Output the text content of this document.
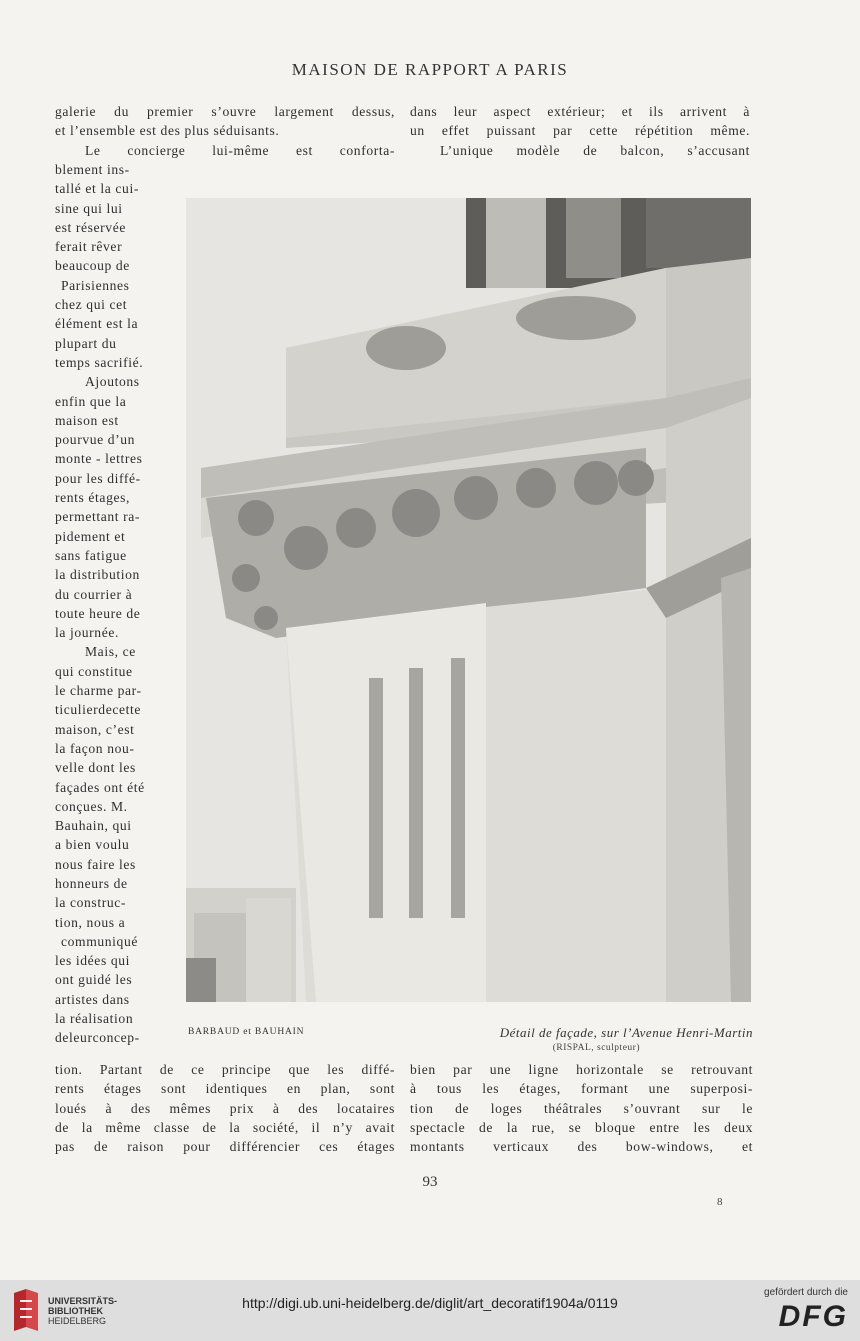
MAISON DE RAPPORT A PARIS
galerie du premier s’ouvre largement dessus,
et l’ensemble est des plus séduisants.
Le concierge lui-même est conforta-
dans leur aspect extérieur; et ils arrivent à
un effet puissant par cette répétition même.
L’unique modèle de balcon, s’accusant
blement ins-
tallé et la cui-
sine qui lui
est réservée
ferait rêver
beaucoup de
Parisiennes
chez qui cet
élément est la
plupart du
temps sacrifié.
Ajoutons
enfin que la
maison est
pourvue d’un
monte - lettres
pour les diffé-
rents étages,
permettant ra-
pidement et
sans fatigue
la distribution
du courrier à
toute heure de
la journée.
Mais, ce
qui constitue
le charme par-
ticulierdecette
maison, c’est
la façon nou-
velle dont les
façades ont été
conçues. M.
Bauhain, qui
a bien voulu
nous faire les
honneurs de
la construc-
tion, nous a
communiqué
les idées qui
ont guidé les
artistes dans
la réalisation
deleurconcep-	BARBAUD et BAUHAIN	Détail de façade, sur l’Avenue Henri-Martin
(RISPAL, sculpteur)
tion. Partant de ce principe que les diffé-
rents étages sont identiques en plan, sont
loués à des mêmes prix à des locataires
de la même classe de la société, il n’y avait
pas de raison pour différencier ces étages
bien par une ligne horizontale se retrouvant
à tous les étages, formant une superposi-
tion de loges théâtrales s’ouvrant sur le
spectacle de la rue, se bloque entre les deux
montants verticaux des bow-windows, et
93
8
UNIVERSITÄTS-
BIBLIOTHEK
HEIDELBERG
http://digi.ub.uni-heidelberg.de/diglit/art_decoratif1904a/0119
gefördert durch die
DFG
